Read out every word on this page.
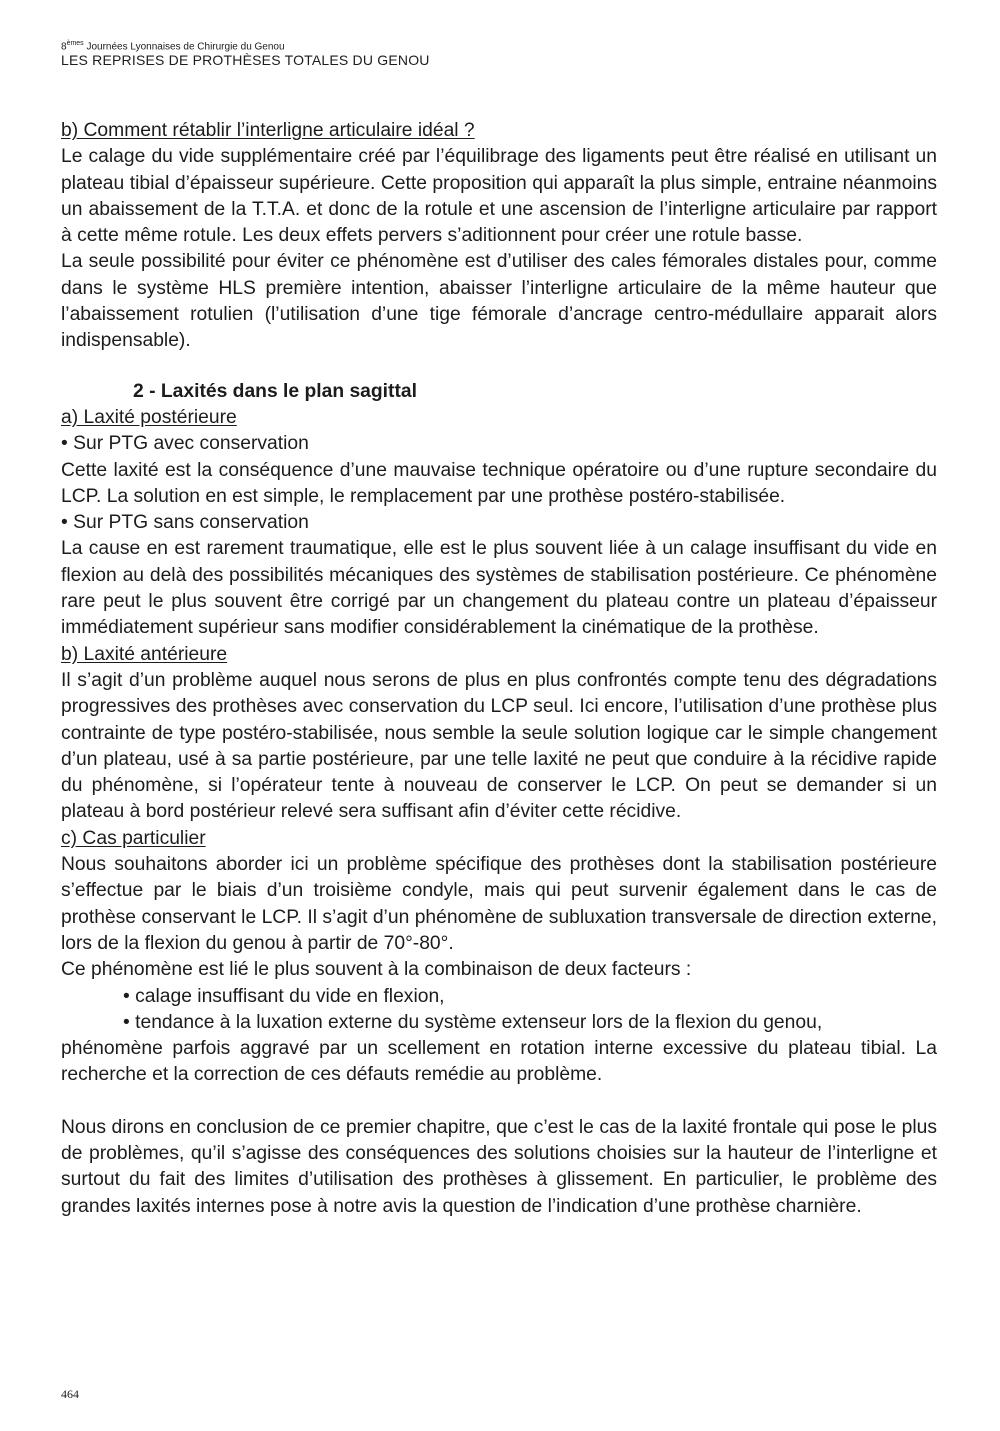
8èmes Journées Lyonnaises de Chirurgie du Genou
LES REPRISES DE PROTHÈSES TOTALES DU GENOU

b) Comment rétablir l’interligne articulaire idéal ?

Le calage du vide supplémentaire créé par l’équilibrage des ligaments peut être réalisé en utilisant un plateau tibial d’épaisseur supérieure. Cette proposition qui apparaît la plus simple, entraine néanmoins un abaissement de la T.T.A. et donc de la rotule et une ascension de l’interligne articulaire par rapport à cette même rotule. Les deux effets pervers s’aditionnent pour créer une rotule basse.

La seule possibilité pour éviter ce phénomène est d’utiliser des cales fémorales distales pour, comme dans le système HLS première intention, abaisser l’interligne articulaire de la même hauteur que l’abaissement rotulien (l’utilisation d’une tige fémorale d’ancrage centro-médullaire apparait alors indispensable).

2 - Laxités dans le plan sagittal

a) Laxité postérieure

• Sur PTG avec conservation

Cette laxité est la conséquence d’une mauvaise technique opératoire ou d’une rupture secondaire du LCP. La solution en est simple, le remplacement par une prothèse postéro-stabilisée.

• Sur PTG sans conservation

La cause en est rarement traumatique, elle est le plus souvent liée à un calage insuffisant du vide en flexion au delà des possibilités mécaniques des systèmes de stabilisation postérieure. Ce phénomène rare peut le plus souvent être corrigé par un changement du plateau contre un plateau d’épaisseur immédiatement supérieur sans modifier considérablement la cinématique de la prothèse.

b) Laxité antérieure

Il s’agit d’un problème auquel nous serons de plus en plus confrontés compte tenu des dégradations progressives des prothèses avec conservation du LCP seul. Ici encore, l’utilisation d’une prothèse plus contrainte de type postéro-stabilisée, nous semble la seule solution logique car le simple changement d’un plateau, usé à sa partie postérieure, par une telle laxité ne peut que conduire à la récidive rapide du phénomène, si l’opérateur tente à nouveau de conserver le LCP. On peut se demander si un plateau à bord postérieur relevé sera suffisant afin d’éviter cette récidive.

c) Cas particulier

Nous souhaitons aborder ici un problème spécifique des prothèses dont la stabilisation postérieure s’effectue par le biais d’un troisième condyle, mais qui peut survenir également dans le cas de prothèse conservant le LCP. Il s’agit d’un phénomène de subluxation transversale de direction externe, lors de la flexion du genou à partir de 70°-80°.

Ce phénomène est lié le plus souvent à la combinaison de deux facteurs :

• calage insuffisant du vide en flexion,

• tendance à la luxation externe du système extenseur lors de la flexion du genou,

phénomène parfois aggravé par un scellement en rotation interne excessive du plateau tibial. La recherche et la correction de ces défauts remédie au problème.

Nous dirons en conclusion de ce premier chapitre, que c’est le cas de la laxité frontale qui pose le plus de problèmes, qu’il s’agisse des conséquences des solutions choisies sur la hauteur de l’interligne et surtout du fait des limites d’utilisation des prothèses à glissement. En particulier, le problème des grandes laxités internes pose à notre avis la question de l’indication d’une prothèse charnière.

464
